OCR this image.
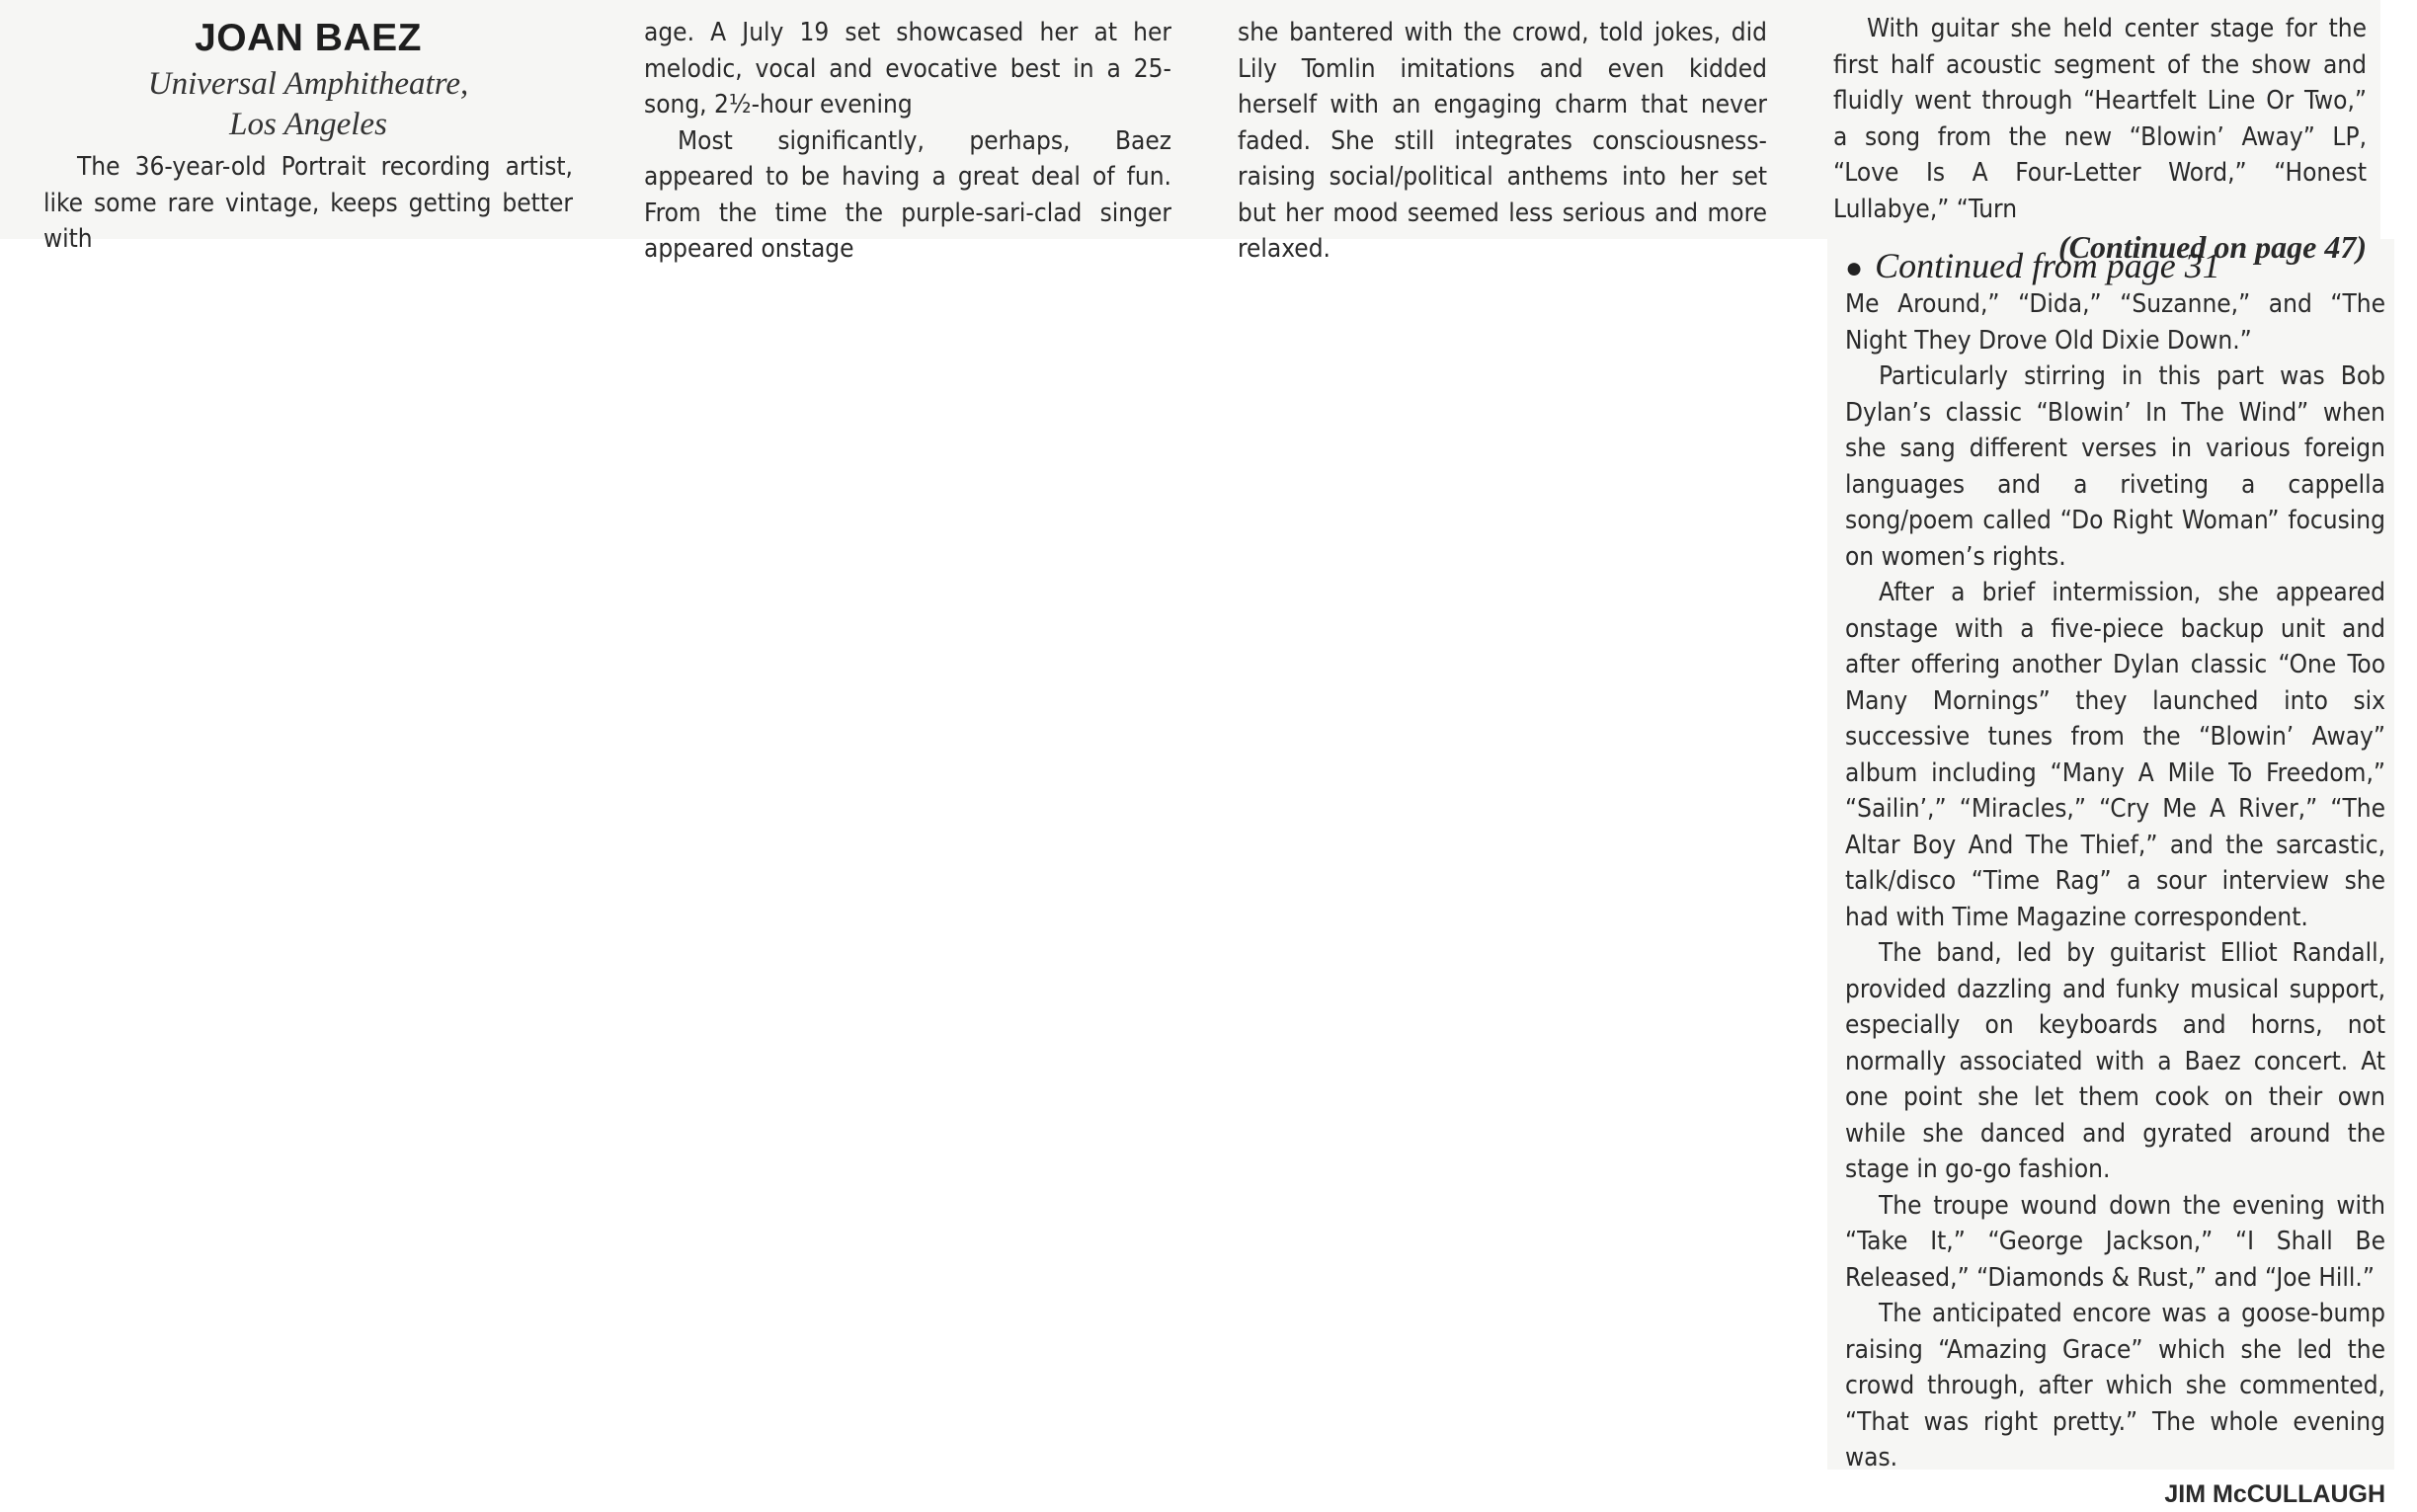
JOAN BAEZ
Universal Amphitheatre,
Los Angeles

The 36-year-old Portrait recording artist, like some rare vintage, keeps getting better with

age. A July 19 set showcased her at her melodic, vocal and evocative best in a 25-song, 2½-hour evening

Most significantly, perhaps, Baez appeared to be having a great deal of fun. From the time the purple-sari-clad singer appeared onstage

she bantered with the crowd, told jokes, did Lily Tomlin imitations and even kidded herself with an engaging charm that never faded. She still integrates consciousness-raising social/political anthems into her set but her mood seemed less serious and more relaxed.

With guitar she held center stage for the first half acoustic segment of the show and fluidly went through “Heartfelt Line Or Two,” a song from the new “Blowin’ Away” LP, “Love Is A Four-Letter Word,” “Honest Lullabye,” “Turn

(Continued on page 47)
● Continued from page 31

Me Around,” “Dida,” “Suzanne,” and “The Night They Drove Old Dixie Down.”

Particularly stirring in this part was Bob Dylan’s classic “Blowin’ In The Wind” when she sang different verses in various foreign languages and a riveting a cappella song/poem called “Do Right Woman” focusing on women’s rights.

After a brief intermission, she appeared onstage with a five-piece backup unit and after offering another Dylan classic “One Too Many Mornings” they launched into six successive tunes from the “Blowin’ Away” album including “Many A Mile To Freedom,” “Sailin’,” “Miracles,” “Cry Me A River,” “The Altar Boy And The Thief,” and the sarcastic, talk/disco “Time Rag” a sour interview she had with Time Magazine correspondent.

The band, led by guitarist Elliot Randall, provided dazzling and funky musical support, especially on keyboards and horns, not normally associated with a Baez concert. At one point she let them cook on their own while she danced and gyrated around the stage in go-go fashion.

The troupe wound down the evening with “Take It,” “George Jackson,” “I Shall Be Released,” “Diamonds & Rust,” and “Joe Hill.”

The anticipated encore was a goose-bump raising “Amazing Grace” which she led the crowd through, after which she commented, “That was right pretty.” The whole evening was.

JIM McCULLAUGH
